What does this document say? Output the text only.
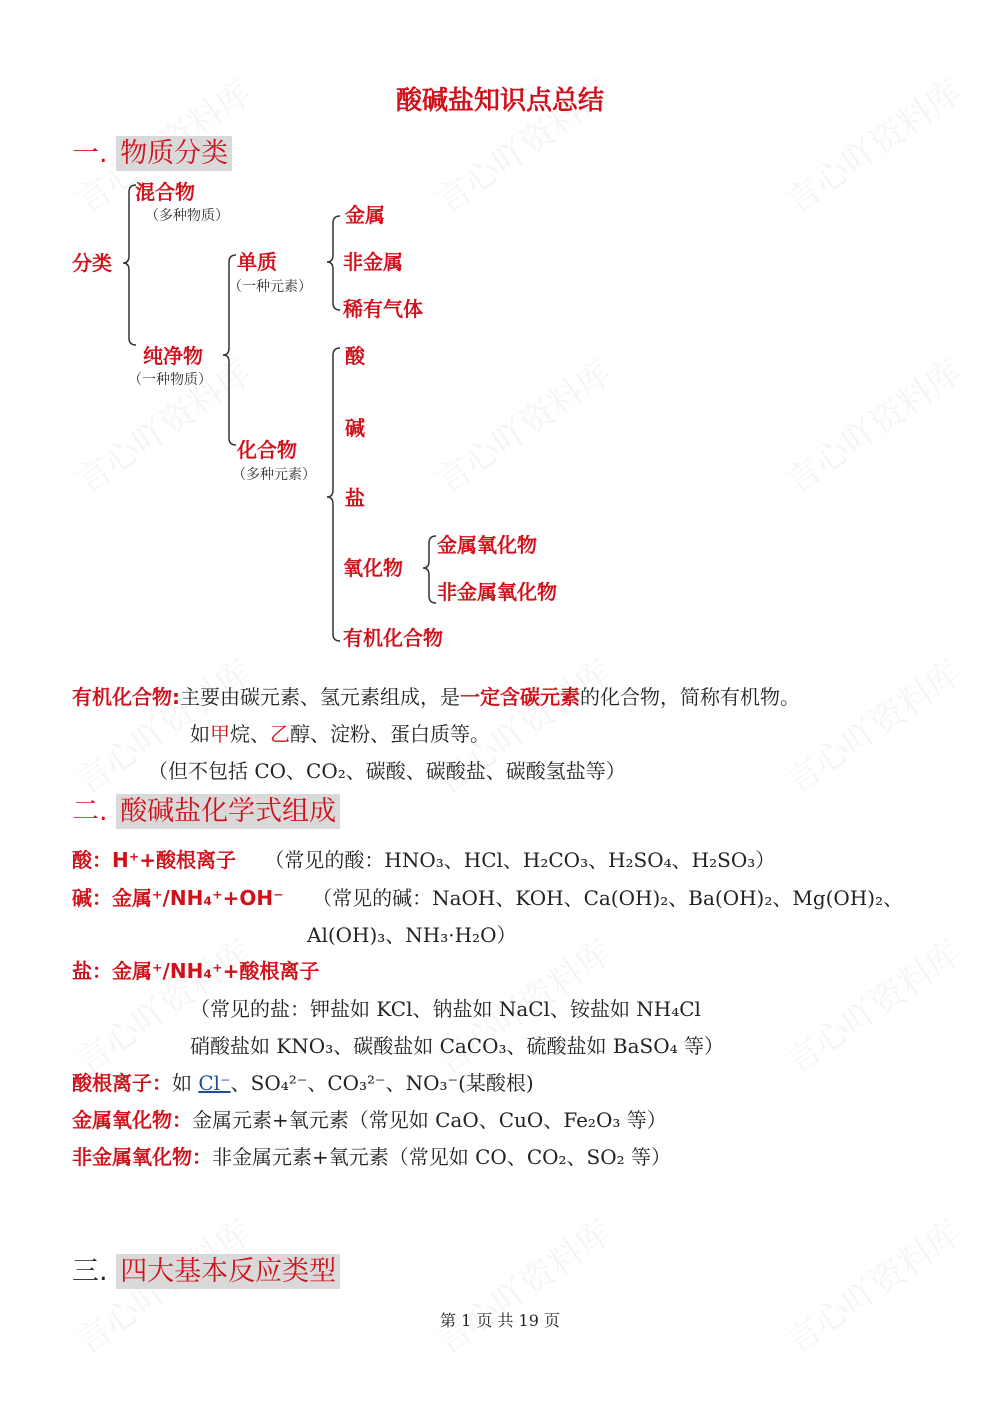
酸碱盐知识点总结
一. 物质分类
分类
混合物
（多种物质）
纯净物
（一种物质）
单质
（一种元素）
化合物
（多种元素）
金属
非金属
稀有气体
酸
碱
盐
氧化物
有机化合物
金属氧化物
非金属氧化物
有机化合物:主要由碳元素、氢元素组成，是一定含碳元素的化合物，简称有机物。
如甲烷、乙醇、淀粉、蛋白质等。
（但不包括 CO、CO₂、碳酸、碳酸盐、碳酸氢盐等）
二. 酸碱盐化学式组成
酸：H⁺+酸根离子 （常见的酸：HNO₃、HCl、H₂CO₃、H₂SO₄、H₂SO₃）
碱：金属⁺/NH₄⁺+OH⁻ （常见的碱：NaOH、KOH、Ca(OH)₂、Ba(OH)₂、Mg(OH)₂、
Al(OH)₃、NH₃·H₂O）
盐：金属⁺/NH₄⁺+酸根离子
（常见的盐：钾盐如 KCl、钠盐如 NaCl、铵盐如 NH₄Cl
硝酸盐如 KNO₃、碳酸盐如 CaCO₃、硫酸盐如 BaSO₄ 等）
酸根离子：如 Cl⁻、SO₄²⁻、CO₃²⁻、NO₃⁻(某酸根)
金属氧化物：金属元素+氧元素（常见如 CaO、CuO、Fe₂O₃ 等）
非金属氧化物：非金属元素+氧元素（常见如 CO、CO₂、SO₂ 等）
三. 四大基本反应类型
第 1 页 共 19 页
